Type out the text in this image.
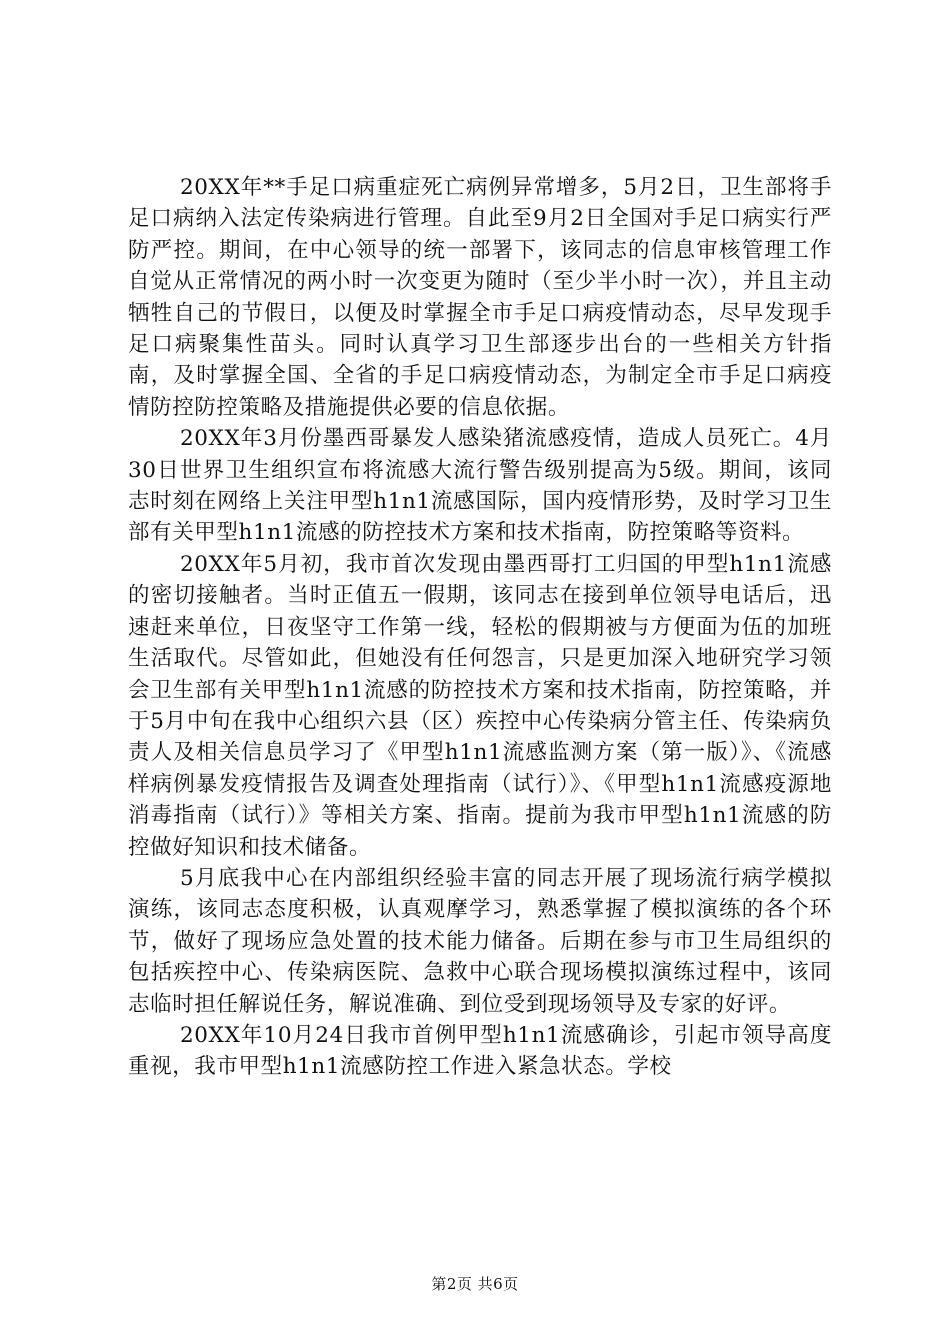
20XX年**手足口病重症死亡病例异常增多，5月2日，卫生部将手足口病纳入法定传染病进行管理。自此至9月2日全国对手足口病实行严防严控。期间，在中心领导的统一部署下，该同志的信息审核管理工作自觉从正常情况的两小时一次变更为随时（至少半小时一次），并且主动牺牲自己的节假日，以便及时掌握全市手足口病疫情动态，尽早发现手足口病聚集性苗头。同时认真学习卫生部逐步出台的一些相关方针指南，及时掌握全国、全省的手足口病疫情动态，为制定全市手足口病疫情防控防控策略及措施提供必要的信息依据。

20XX年3月份墨西哥暴发人感染猪流感疫情，造成人员死亡。4月30日世界卫生组织宣布将流感大流行警告级别提高为5级。期间，该同志时刻在网络上关注甲型h1n1流感国际，国内疫情形势，及时学习卫生部有关甲型h1n1流感的防控技术方案和技术指南，防控策略等资料。

20XX年5月初，我市首次发现由墨西哥打工归国的甲型h1n1流感的密切接触者。当时正值五一假期，该同志在接到单位领导电话后，迅速赶来单位，日夜坚守工作第一线，轻松的假期被与方便面为伍的加班生活取代。尽管如此，但她没有任何怨言，只是更加深入地研究学习领会卫生部有关甲型h1n1流感的防控技术方案和技术指南，防控策略，并于5月中旬在我中心组织六县（区）疾控中心传染病分管主任、传染病负责人及相关信息员学习了《甲型h1n1流感监测方案（第一版）》、《流感样病例暴发疫情报告及调查处理指南（试行）》、《甲型h1n1流感疫源地消毒指南（试行）》等相关方案、指南。提前为我市甲型h1n1流感的防控做好知识和技术储备。

5月底我中心在内部组织经验丰富的同志开展了现场流行病学模拟演练，该同志态度积极，认真观摩学习，熟悉掌握了模拟演练的各个环节，做好了现场应急处置的技术能力储备。后期在参与市卫生局组织的包括疾控中心、传染病医院、急救中心联合现场模拟演练过程中，该同志临时担任解说任务，解说准确、到位受到现场领导及专家的好评。

20XX年10月24日我市首例甲型h1n1流感确诊，引起市领导高度重视，我市甲型h1n1流感防控工作进入紧急状态。学校

第2页 共6页
